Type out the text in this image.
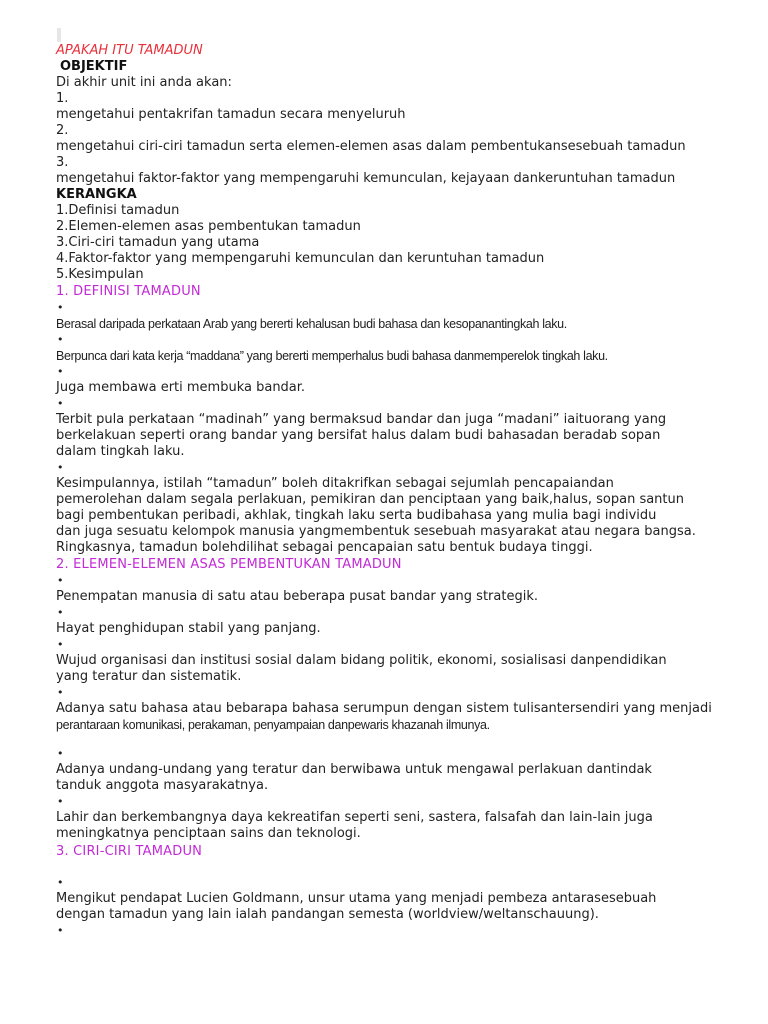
APAKAH ITU TAMADUN
OBJEKTIF
Di akhir unit ini anda akan:
1.
mengetahui pentakrifan tamadun secara menyeluruh
2.
mengetahui ciri-ciri tamadun serta elemen-elemen asas dalam pembentukansesebuah tamadun
3.
mengetahui faktor-faktor yang mempengaruhi kemunculan, kejayaan dankeruntuhan tamadun
KERANGKA
1.Definisi tamadun
2.Elemen-elemen asas pembentukan tamadun
3.Ciri-ciri tamadun yang utama
4.Faktor-faktor yang mempengaruhi kemunculan dan keruntuhan tamadun
5.Kesimpulan
1. DEFINISI TAMADUN
•
Berasal daripada perkataan Arab yang bererti kehalusan budi bahasa dan kesopanantingkah laku.
•
Berpunca dari kata kerja “maddana” yang bererti memperhalus budi bahasa danmemperelok tingkah laku.
•
Juga membawa erti membuka bandar.
•
Terbit pula perkataan “madinah” yang bermaksud bandar dan juga “madani” iaituorang yang
berkelakuan seperti orang bandar yang bersifat halus dalam budi bahasadan beradab sopan
dalam tingkah laku.
•
Kesimpulannya, istilah “tamadun” boleh ditakrifkan sebagai sejumlah pencapaiandan
pemerolehan dalam segala perlakuan, pemikiran dan penciptaan yang baik,halus, sopan santun
bagi pembentukan peribadi, akhlak, tingkah laku serta budibahasa yang mulia bagi individu
dan juga sesuatu kelompok manusia yangmembentuk sesebuah masyarakat atau negara bangsa.
Ringkasnya, tamadun bolehdilihat sebagai pencapaian satu bentuk budaya tinggi.
2. ELEMEN-ELEMEN ASAS PEMBENTUKAN TAMADUN
•
Penempatan manusia di satu atau beberapa pusat bandar yang strategik.
•
Hayat penghidupan stabil yang panjang.
•
Wujud organisasi dan institusi sosial dalam bidang politik, ekonomi, sosialisasi danpendidikan
yang teratur dan sistematik.
•
Adanya satu bahasa atau bebarapa bahasa serumpun dengan sistem tulisantersendiri yang menjadi
perantaraan komunikasi, perakaman, penyampaian danpewaris khazanah ilmunya.
•
Adanya undang-undang yang teratur dan berwibawa untuk mengawal perlakuan dantindak
tanduk anggota masyarakatnya.
•
Lahir dan berkembangnya daya kekreatifan seperti seni, sastera, falsafah dan lain-lain juga
meningkatnya penciptaan sains dan teknologi.
3. CIRI-CIRI TAMADUN
•
Mengikut pendapat Lucien Goldmann, unsur utama yang menjadi pembeza antarasesebuah
dengan tamadun yang lain ialah pandangan semesta (worldview/weltanschauung).
•
